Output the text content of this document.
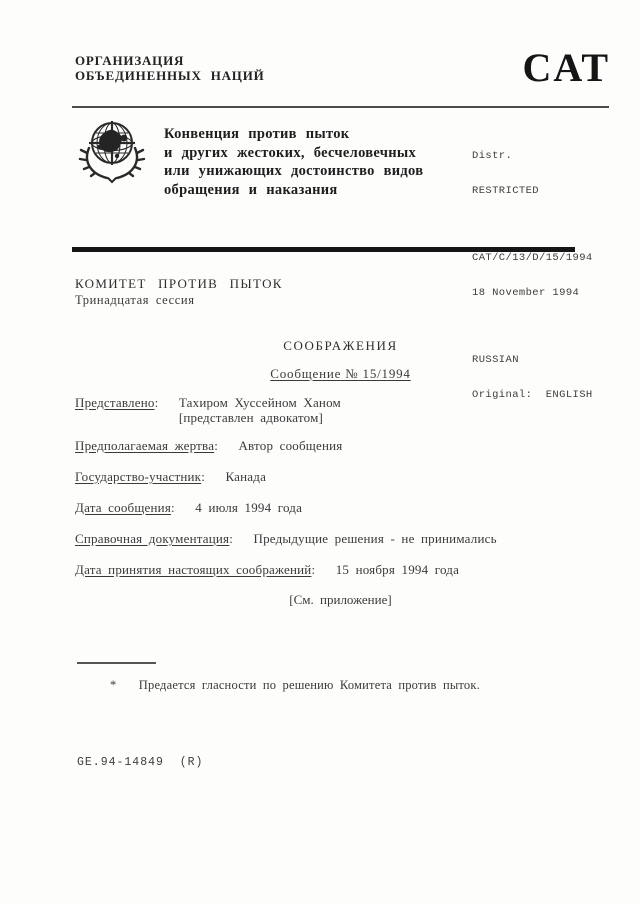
ОРГАНИЗАЦИЯ
ОБЪЕДИНЕННЫХ НАЦИЙ	CAT
Конвенция против пыток
и других жестоких, бесчеловечных
или унижающих достоинство видов
обращения и наказания

Distr.

RESTRICTED

CAT/C/13/D/15/1994

18 November 1994

RUSSIAN

Original:  ENGLISH

КОМИТЕТ ПРОТИВ ПЫТОК
Тринадцатая сессия
СООБРАЖЕНИЯ
Сообщение № 15/1994
Представлено: Тахиром Хуссейном Ханом
[представлен адвокатом]
Предполагаемая жертва: Автор сообщения
Государство-участник: Канада
Дата сообщения: 4 июля 1994 года
Справочная документация: Предыдущие решения - не принимались
Дата принятия настоящих соображений: 15 ноября 1994 года
[См. приложение]
* Предается гласности по решению Комитета против пыток.
GE.94-14849  (R)
